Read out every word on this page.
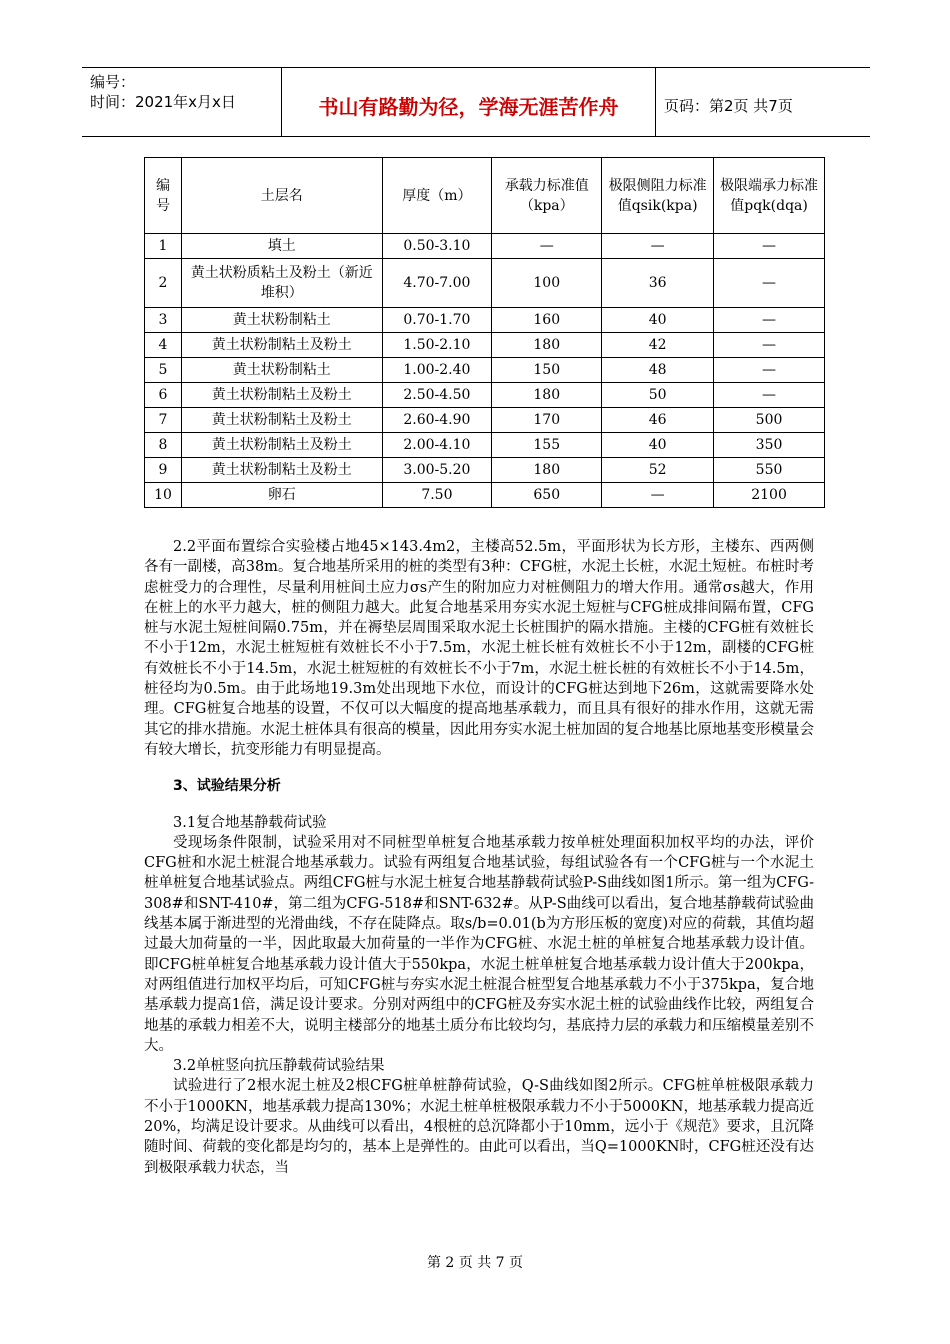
编号：
时间：2021年x月x日	书山有路勤为径，学海无涯苦作舟	页码：第2页 共7页
编号	土层名	厚度（m）	承载力标准值（kpa）	极限侧阻力标准值qsik(kpa)	极限端承力标准值pqk(dqa)
1	填土	0.50-3.10	—	—	—
2	黄土状粉质粘土及粉土（新近堆积）	4.70-7.00	100	36	—
3	黄土状粉制粘土	0.70-1.70	160	40	—
4	黄土状粉制粘土及粉土	1.50-2.10	180	42	—
5	黄土状粉制粘土	1.00-2.40	150	48	—
6	黄土状粉制粘土及粉土	2.50-4.50	180	50	—
7	黄土状粉制粘土及粉土	2.60-4.90	170	46	500
8	黄土状粉制粘土及粉土	2.00-4.10	155	40	350
9	黄土状粉制粘土及粉土	3.00-5.20	180	52	550
10	卵石	7.50	650	—	2100

2.2平面布置综合实验楼占地45×143.4m2，主楼高52.5m，平面形状为长方形，主楼东、西两侧各有一副楼，高38m。复合地基所采用的桩的类型有3种：CFG桩，水泥土长桩，水泥土短桩。布桩时考虑桩受力的合理性，尽量利用桩间土应力σs产生的附加应力对桩侧阻力的增大作用。通常σs越大，作用在桩上的水平力越大，桩的侧阻力越大。此复合地基采用夯实水泥土短桩与CFG桩成排间隔布置，CFG桩与水泥土短桩间隔0.75m，并在褥垫层周围采取水泥土长桩围护的隔水措施。主楼的CFG桩有效桩长不小于12m，水泥土桩短桩有效桩长不小于7.5m，水泥土桩长桩有效桩长不小于12m，副楼的CFG桩有效桩长不小于14.5m，水泥土桩短桩的有效桩长不小于7m，水泥土桩长桩的有效桩长不小于14.5m，桩径均为0.5m。由于此场地19.3m处出现地下水位，而设计的CFG桩达到地下26m，这就需要降水处理。CFG桩复合地基的设置，不仅可以大幅度的提高地基承载力，而且具有很好的排水作用，这就无需其它的排水措施。水泥土桩体具有很高的模量，因此用夯实水泥土桩加固的复合地基比原地基变形模量会有较大增长，抗变形能力有明显提高。

3、试验结果分析

3.1复合地基静载荷试验

受现场条件限制，试验采用对不同桩型单桩复合地基承载力按单桩处理面积加权平均的办法，评价CFG桩和水泥土桩混合地基承载力。试验有两组复合地基试验，每组试验各有一个CFG桩与一个水泥土桩单桩复合地基试验点。两组CFG桩与水泥土桩复合地基静载荷试验P-S曲线如图1所示。第一组为CFG-308#和SNT-410#，第二组为CFG-518#和SNT-632#。从P-S曲线可以看出，复合地基静载荷试验曲线基本属于渐进型的光滑曲线，不存在陡降点。取s/b=0.01(b为方形压板的宽度)对应的荷载，其值均超过最大加荷量的一半，因此取最大加荷量的一半作为CFG桩、水泥土桩的单桩复合地基承载力设计值。即CFG桩单桩复合地基承载力设计值大于550kpa，水泥土桩单桩复合地基承载力设计值大于200kpa，对两组值进行加权平均后，可知CFG桩与夯实水泥土桩混合桩型复合地基承载力不小于375kpa，复合地基承载力提高1倍，满足设计要求。分别对两组中的CFG桩及夯实水泥土桩的试验曲线作比较，两组复合地基的承载力相差不大，说明主楼部分的地基土质分布比较均匀，基底持力层的承载力和压缩模量差别不大。

3.2单桩竖向抗压静载荷试验结果

试验进行了2根水泥土桩及2根CFG桩单桩静荷试验，Q-S曲线如图2所示。CFG桩单桩极限承载力不小于1000KN，地基承载力提高130%；水泥土桩单桩极限承载力不小于5000KN，地基承载力提高近20%，均满足设计要求。从曲线可以看出，4根桩的总沉降都小于10mm，远小于《规范》要求，且沉降随时间、荷载的变化都是均匀的，基本上是弹性的。由此可以看出，当Q=1000KN时，CFG桩还没有达到极限承载力状态，当

第 2 页 共 7 页
